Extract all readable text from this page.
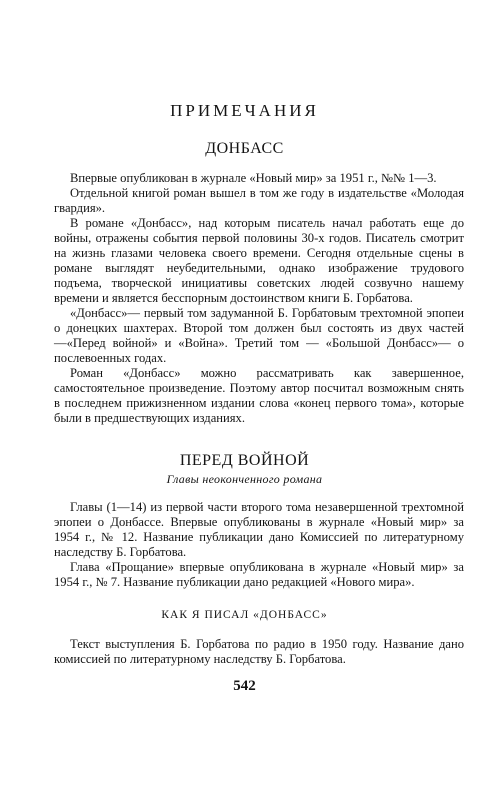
ПРИМЕЧАНИЯ
ДОНБАСС

Впервые опубликован в журнале «Новый мир» за 1951 г., №№ 1—3.

Отдельной книгой роман вышел в том же году в издательстве «Молодая гвардия».

В романе «Донбасс», над которым писатель начал работать еще до войны, отражены события первой половины 30-х годов. Писатель смотрит на жизнь глазами человека своего времени. Сегодня отдельные сцены в романе выглядят неубедительными, однако изображение трудового подъема, творческой инициативы советских людей созвучно нашему времени и является бесспорным достоинством книги Б. Горбатова.

«Донбасс»— первый том задуманной Б. Горбатовым трехтомной эпопеи о донецких шахтерах. Второй том должен был состоять из двух частей —«Перед войной» и «Война». Третий том — «Большой Донбасс»— о послевоенных годах.

Роман «Донбасс» можно рассматривать как завершенное, самостоятельное произведение. Поэтому автор посчитал возможным снять в последнем прижизненном издании слова «конец первого тома», которые были в предшествующих изданиях.

ПЕРЕД ВОЙНОЙ
Главы неоконченного романа

Главы (1—14) из первой части второго тома незавершенной трехтомной эпопеи о Донбассе. Впервые опубликованы в журнале «Новый мир» за 1954 г., № 12. Название публикации дано Комиссией по литературному наследству Б. Горбатова.

Глава «Прощание» впервые опубликована в журнале «Новый мир» за 1954 г., № 7. Название публикации дано редакцией «Нового мира».

КАК Я ПИСАЛ «ДОНБАСС»

Текст выступления Б. Горбатова по радио в 1950 году. Название дано комиссией по литературному наследству Б. Горбатова.

542
